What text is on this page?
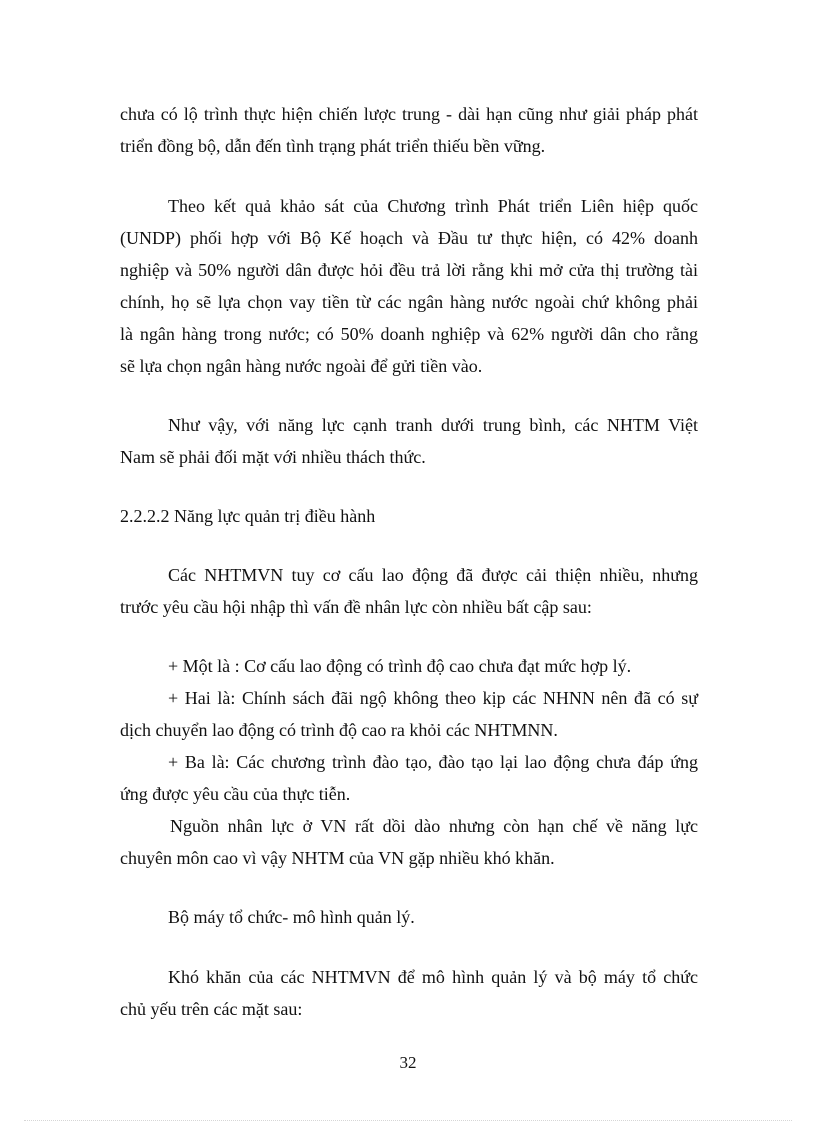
chưa có lộ trình thực hiện chiến lược trung - dài hạn cũng như giải pháp phát
triển đồng bộ, dẫn đến tình trạng phát triển thiếu bền vững.
Theo kết quả khảo sát của Chương trình Phát triển Liên hiệp quốc
(UNDP) phối hợp với Bộ Kế hoạch và Đầu tư thực hiện, có 42% doanh
nghiệp và 50% người dân được hỏi đều trả lời rằng khi mở cửa thị trường tài
chính, họ sẽ lựa chọn vay tiền từ các ngân hàng nước ngoài chứ không phải
là ngân hàng trong nước; có 50% doanh nghiệp và 62% người dân cho rằng
sẽ lựa chọn ngân hàng nước ngoài để gửi tiền vào.
Như vậy, với năng lực cạnh tranh dưới trung bình, các NHTM Việt
Nam sẽ phải đối mặt với nhiều thách thức.
2.2.2.2 Năng lực quản trị điều hành
Các NHTMVN tuy cơ cấu lao động đã được cải thiện nhiều, nhưng
trước yêu cầu hội nhập thì vấn đề nhân lực còn nhiều bất cập sau:
+ Một là : Cơ cấu lao động có trình độ cao chưa đạt mức hợp lý.
+ Hai là: Chính sách đãi ngộ không theo kịp các NHNN nên đã có sự
dịch chuyển lao động có trình độ cao ra khỏi các NHTMNN.
+ Ba là: Các chương trình đào tạo, đào tạo lại lao động chưa đáp ứng
ứng được yêu cầu của thực tiễn.
Nguồn nhân lực ở VN rất dồi dào nhưng còn hạn chế về năng lực
chuyên môn cao vì vậy NHTM của VN gặp nhiều khó khăn.
Bộ máy tổ chức- mô hình quản lý.
Khó khăn của các NHTMVN để mô hình quản lý và bộ máy tổ chức
chủ yếu trên các mặt sau:
32
